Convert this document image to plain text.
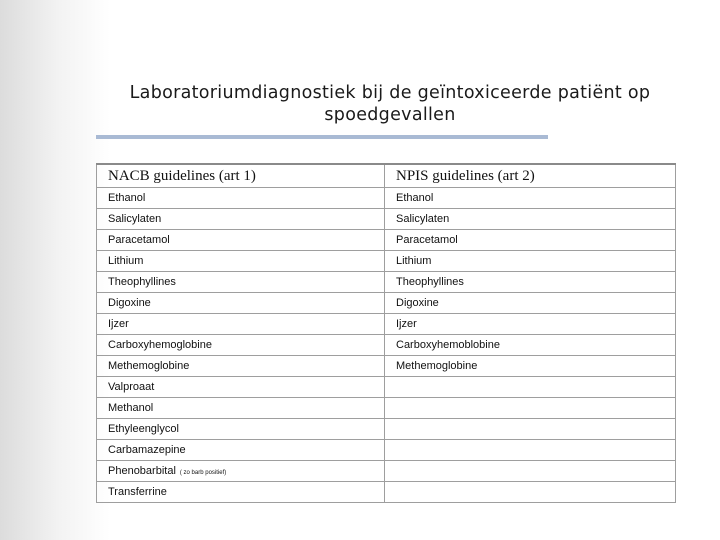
Laboratoriumdiagnostiek bij de geïntoxiceerde patiënt op
spoedgevallen
NACB guidelines (art 1)	NPIS guidelines (art 2)
Ethanol	Ethanol
Salicylaten	Salicylaten
Paracetamol	Paracetamol
Lithium	Lithium
Theophyllines	Theophyllines
Digoxine	Digoxine
Ijzer	Ijzer
Carboxyhemoglobine	Carboxyhemoblobine
Methemoglobine	Methemoglobine
Valproaat	
Methanol	
Ethyleenglycol	
Carbamazepine	
Phenobarbital ( zo barb positief)	
Transferrine	
